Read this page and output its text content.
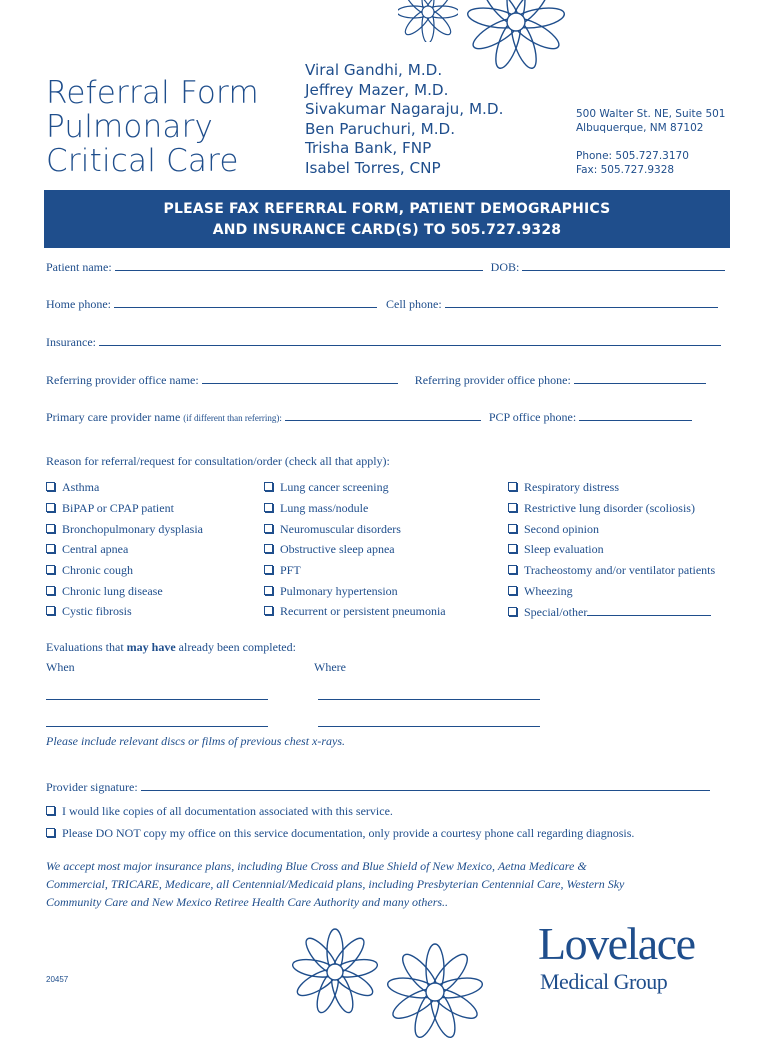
Referral Form
Pulmonary
Critical Care
Viral Gandhi, M.D.
Jeffrey Mazer, M.D.
Sivakumar Nagaraju, M.D.
Ben Paruchuri, M.D.
Trisha Bank, FNP
Isabel Torres, CNP
500 Walter St. NE, Suite 501
Albuquerque, NM 87102
Phone: 505.727.3170
Fax: 505.727.9328
PLEASE FAX REFERRAL FORM, PATIENT DEMOGRAPHICS
AND INSURANCE CARD(S) TO 505.727.9328
Patient name:	DOB:
Home phone:	Cell phone:
Insurance:
Referring provider office name:	Referring provider office phone:
Primary care provider name (if different than referring):	PCP office phone:
Reason for referral/request for consultation/order (check all that apply):
Asthma
BiPAP or CPAP patient
Bronchopulmonary dysplasia
Central apnea
Chronic cough
Chronic lung disease
Cystic fibrosis
Lung cancer screening
Lung mass/nodule
Neuromuscular disorders
Obstructive sleep apnea
PFT
Pulmonary hypertension
Recurrent or persistent pneumonia
Respiratory distress
Restrictive lung disorder (scoliosis)
Second opinion
Sleep evaluation
Tracheostomy and/or ventilator patients
Wheezing
Special/other
Evaluations that may have already been completed:
When	Where
Please include relevant discs or films of previous chest x-rays.
Provider signature:
I would like copies of all documentation associated with this service.
Please DO NOT copy my office on this service documentation, only provide a courtesy phone call regarding diagnosis.
We accept most major insurance plans, including Blue Cross and Blue Shield of New Mexico, Aetna Medicare &
Commercial, TRICARE, Medicare, all Centennial/Medicaid plans, including Presbyterian Centennial Care, Western Sky
Community Care and New Mexico Retiree Health Care Authority and many others..
20457
Lovelace
Medical Group
